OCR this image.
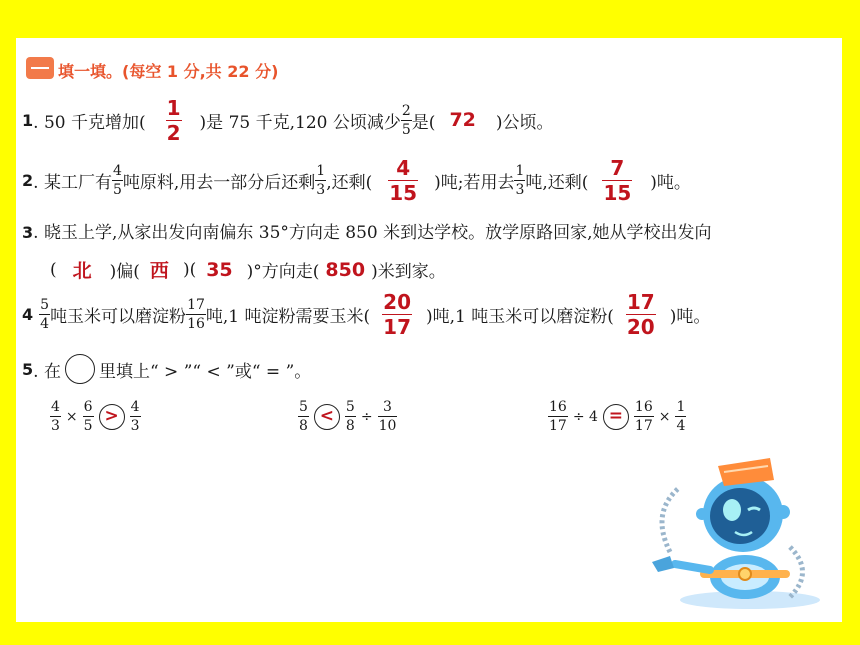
填一填。(每空 1 分,共 22 分)
1 . 50 千克增加( $\frac{1}{2}$ )是 75 千克,120 公顷减少 $\frac{2}{5}$ 是( 72 )公顷。
2 . 某工厂有 $\frac{4}{5}$ 吨原料,用去一部分后还剩 $\frac{1}{3}$ ,还剩( $\frac{4}{15}$ )吨;若用去 $\frac{1}{3}$ 吨,还剩( $\frac{7}{15}$ )吨。
3. 晓玉上学,从家出发向南偏东 35°方向走 850 米到达学校。放学原路回家,她从学校出发向
( 北 )偏( 西 )( 35 )°方向走( 850 )米到家。
$4 \frac{5}{4}$ 吨玉米可以磨淀粉 $\frac{17}{16}$ 吨,1 吨淀粉需要玉米( $\frac{20}{17}$ )吨,1 吨玉米可以磨淀粉( $\frac{17}{20}$ )吨。
5 . 在 里填上“ > ”“ < ”或“ = ”。
$\frac{4}{3} \times \frac{6}{5} > \frac{4}{3}$	$\frac{5}{8} < \frac{5}{8} \div \frac{3}{10}$	$\frac{16}{17} \div 4 = \frac{16}{17} \times \frac{1}{4}$
